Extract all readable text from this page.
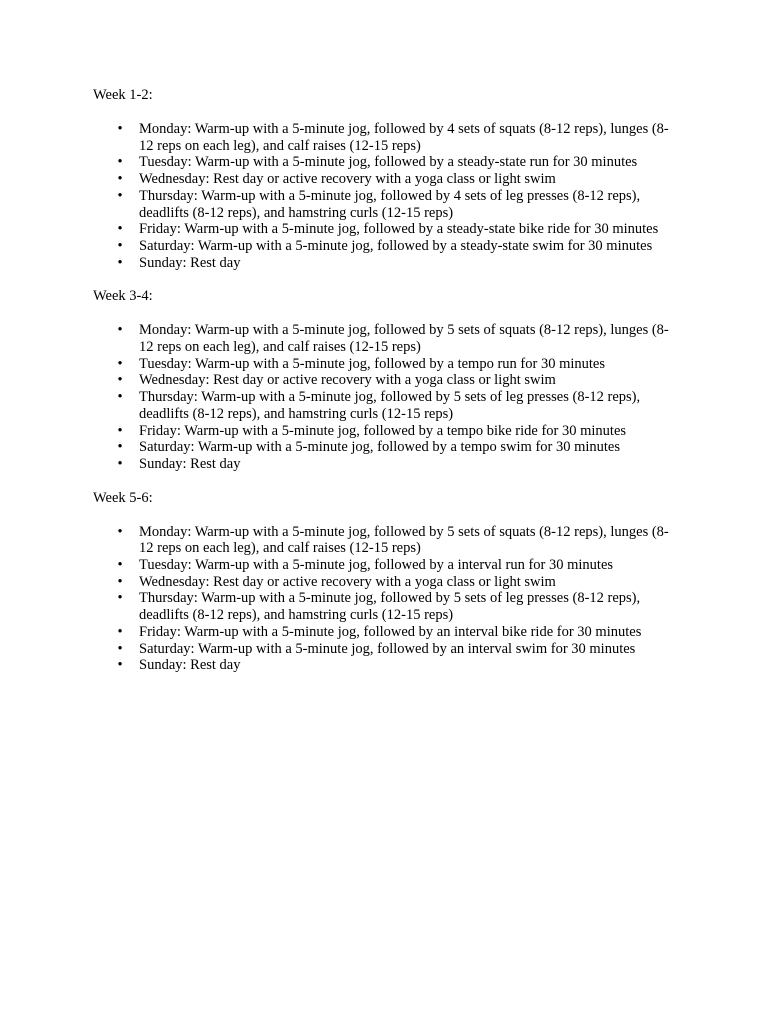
Week 1-2:
• Monday: Warm-up with a 5-minute jog, followed by 4 sets of squats (8-12 reps), lunges (8-12 reps on each leg), and calf raises (12-15 reps)
• Tuesday: Warm-up with a 5-minute jog, followed by a steady-state run for 30 minutes
• Wednesday: Rest day or active recovery with a yoga class or light swim
• Thursday: Warm-up with a 5-minute jog, followed by 4 sets of leg presses (8-12 reps), deadlifts (8-12 reps), and hamstring curls (12-15 reps)
• Friday: Warm-up with a 5-minute jog, followed by a steady-state bike ride for 30 minutes
• Saturday: Warm-up with a 5-minute jog, followed by a steady-state swim for 30 minutes
• Sunday: Rest day
Week 3-4:
• Monday: Warm-up with a 5-minute jog, followed by 5 sets of squats (8-12 reps), lunges (8-12 reps on each leg), and calf raises (12-15 reps)
• Tuesday: Warm-up with a 5-minute jog, followed by a tempo run for 30 minutes
• Wednesday: Rest day or active recovery with a yoga class or light swim
• Thursday: Warm-up with a 5-minute jog, followed by 5 sets of leg presses (8-12 reps), deadlifts (8-12 reps), and hamstring curls (12-15 reps)
• Friday: Warm-up with a 5-minute jog, followed by a tempo bike ride for 30 minutes
• Saturday: Warm-up with a 5-minute jog, followed by a tempo swim for 30 minutes
• Sunday: Rest day
Week 5-6:
• Monday: Warm-up with a 5-minute jog, followed by 5 sets of squats (8-12 reps), lunges (8-12 reps on each leg), and calf raises (12-15 reps)
• Tuesday: Warm-up with a 5-minute jog, followed by a interval run for 30 minutes
• Wednesday: Rest day or active recovery with a yoga class or light swim
• Thursday: Warm-up with a 5-minute jog, followed by 5 sets of leg presses (8-12 reps), deadlifts (8-12 reps), and hamstring curls (12-15 reps)
• Friday: Warm-up with a 5-minute jog, followed by an interval bike ride for 30 minutes
• Saturday: Warm-up with a 5-minute jog, followed by an interval swim for 30 minutes
• Sunday: Rest day
